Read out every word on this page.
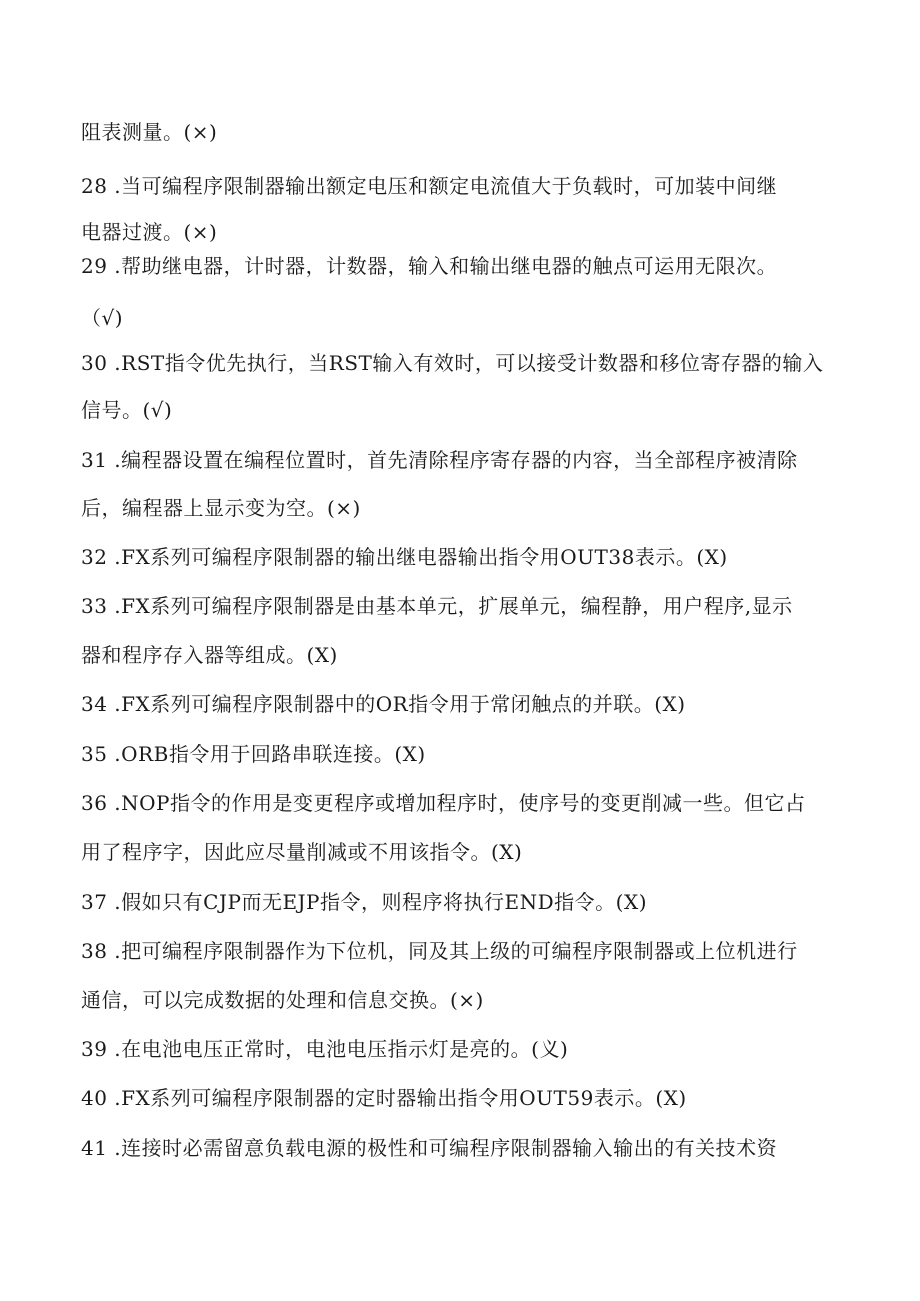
阻表测量。(×)
28 .当可编程序限制器输出额定电压和额定电流值大于负载时，可加装中间继
电器过渡。(×)
29 .帮助继电器，计时器，计数器，输入和输出继电器的触点可运用无限次。
（√)
30 .RST指令优先执行，当RST输入有效时，可以接受计数器和移位寄存器的输入
信号。(√)
31 .编程器设置在编程位置时，首先清除程序寄存器的内容，当全部程序被清除
后，编程器上显示变为空。(×)
32 .FX系列可编程序限制器的输出继电器输出指令用OUT38表示。(X)
33 .FX系列可编程序限制器是由基本单元，扩展单元，编程静，用户程序,显示
器和程序存入器等组成。(X)
34 .FX系列可编程序限制器中的OR指令用于常闭触点的并联。(X)
35 .ORB指令用于回路串联连接。(X)
36 .NOP指令的作用是变更程序或增加程序时，使序号的变更削减一些。但它占
用了程序字，因此应尽量削减或不用该指令。(X)
37 .假如只有CJP而无EJP指令，则程序将执行END指令。(X)
38 .把可编程序限制器作为下位机，同及其上级的可编程序限制器或上位机进行
通信，可以完成数据的处理和信息交换。(×)
39 .在电池电压正常时，电池电压指示灯是亮的。(义)
40 .FX系列可编程序限制器的定时器输出指令用OUT59表示。(X)
41 .连接时必需留意负载电源的极性和可编程序限制器输入输出的有关技术资
